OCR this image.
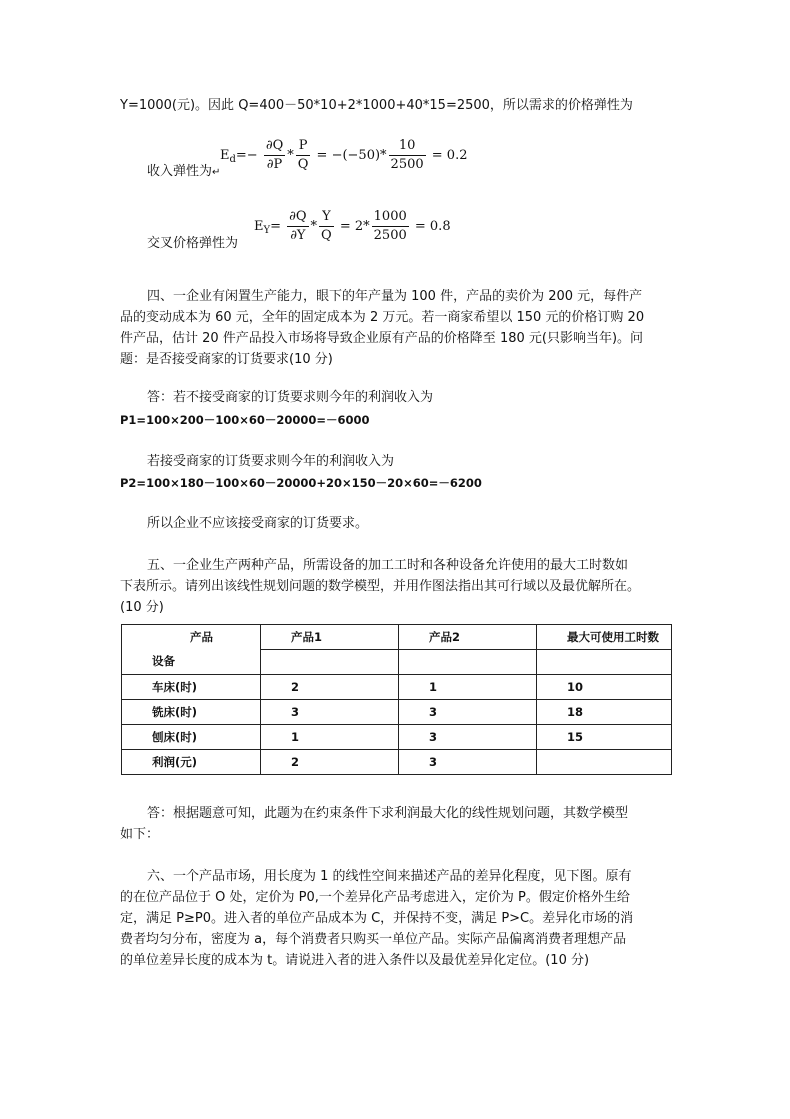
Y=1000(元)。因此 Q=400－50*10+2*1000+40*15=2500，所以需求的价格弹性为
$E_d=- \frac{\partial Q}{\partial P} * \frac{P}{Q} = -(-50)* \frac{10}{2500} = 0.2$
收入弹性为↵
$E_Y= \frac{\partial Q}{\partial Y} * \frac{Y}{Q} = 2* \frac{1000}{2500} = 0.8$
交叉价格弹性为
四、一企业有闲置生产能力，眼下的年产量为 100 件，产品的卖价为 200 元，每件产
品的变动成本为 60 元，全年的固定成本为 2 万元。若一商家希望以 150 元的价格订购 20
件产品，估计 20 件产品投入市场将导致企业原有产品的价格降至 180 元(只影响当年)。问
题：是否接受商家的订货要求(10 分)
答：若不接受商家的订货要求则今年的利润收入为
P1=100×200－100×60－20000=－6000
若接受商家的订货要求则今年的利润收入为
P2=100×180－100×60－20000+20×150－20×60=－6200
所以企业不应该接受商家的订货要求。
五、一企业生产两种产品，所需设备的加工工时和各种设备允许使用的最大工时数如
下表所示。请列出该线性规划问题的数学模型，并用作图法指出其可行域以及最优解所在。
(10 分)
产品
设备	产品1	产品2	最大可使用工时数

车床(时)	2	1	10
铣床(时)	3	3	18
刨床(时)	1	3	15
利润(元)	2	3	
答：根据题意可知，此题为在约束条件下求利润最大化的线性规划问题，其数学模型
如下：
六、一个产品市场，用长度为 1 的线性空间来描述产品的差异化程度，见下图。原有
的在位产品位于 O 处，定价为 P0,一个差异化产品考虑进入，定价为 P。假定价格外生给
定，满足 P≥P0。进入者的单位产品成本为 C，并保持不变，满足 P>C。差异化市场的消
费者均匀分布，密度为 a，每个消费者只购买一单位产品。实际产品偏离消费者理想产品
的单位差异长度的成本为 t。请说进入者的进入条件以及最优差异化定位。(10 分)
